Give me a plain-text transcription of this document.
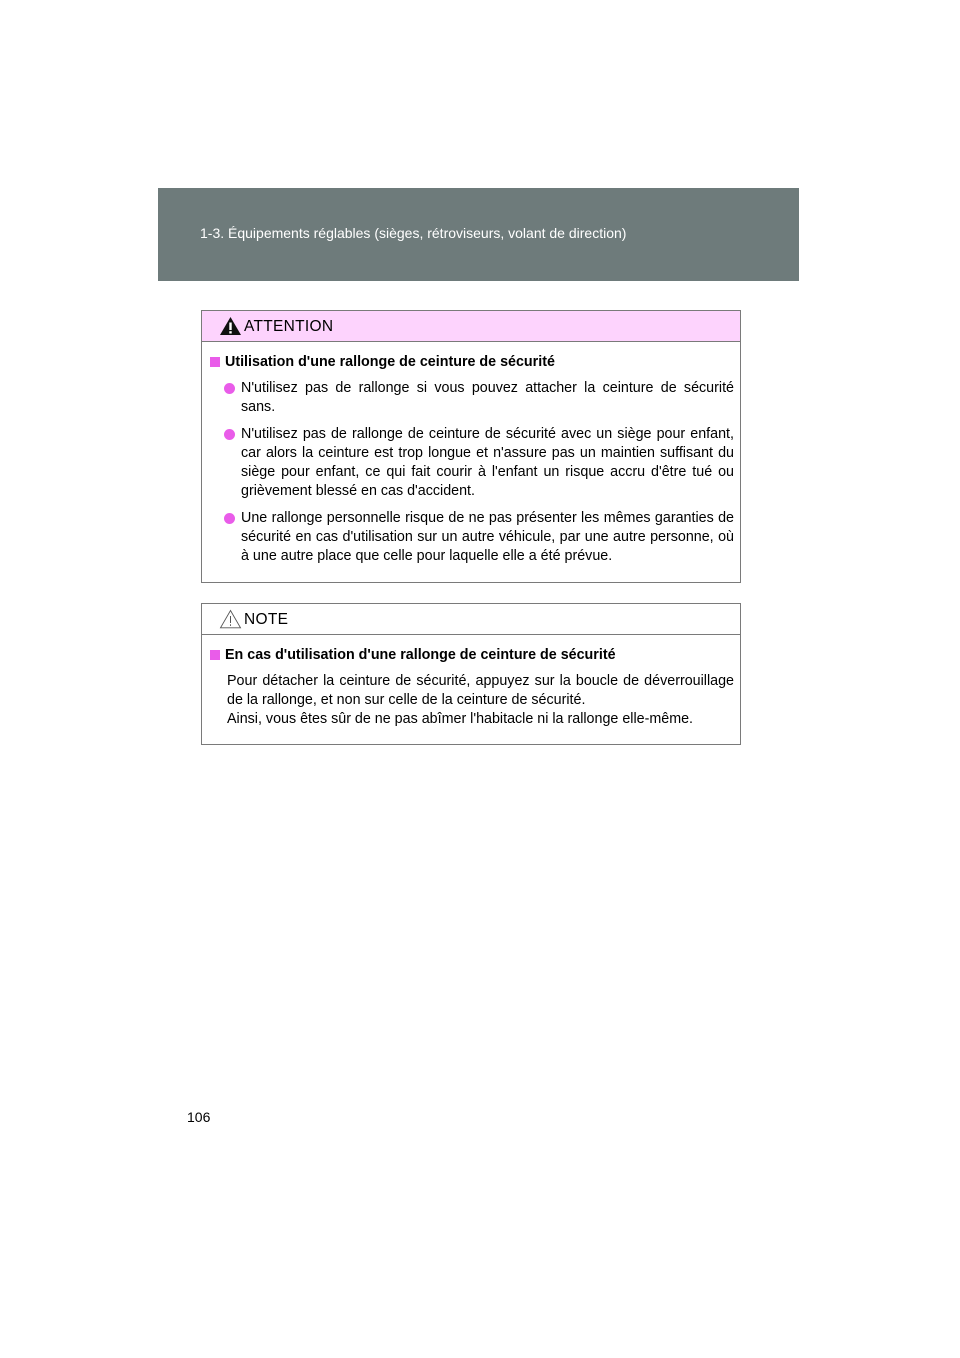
1-3. Équipements réglables (sièges, rétroviseurs, volant de direction)
ATTENTION
Utilisation d'une rallonge de ceinture de sécurité
N'utilisez pas de rallonge si vous pouvez attacher la ceinture de sécurité sans.
N'utilisez pas de rallonge de ceinture de sécurité avec un siège pour enfant, car alors la ceinture est trop longue et n'assure pas un maintien suffisant du siège pour enfant, ce qui fait courir à l'enfant un risque accru d'être tué ou grièvement blessé en cas d'accident.
Une rallonge personnelle risque de ne pas présenter les mêmes garanties de sécurité en cas d'utilisation sur un autre véhicule, par une autre personne, où à une autre place que celle pour laquelle elle a été prévue.
NOTE
En cas d'utilisation d'une rallonge de ceinture de sécurité

Pour détacher la ceinture de sécurité, appuyez sur la boucle de déverrouillage de la rallonge, et non sur celle de la ceinture de sécurité.

Ainsi, vous êtes sûr de ne pas abîmer l'habitacle ni la rallonge elle-même.

106
